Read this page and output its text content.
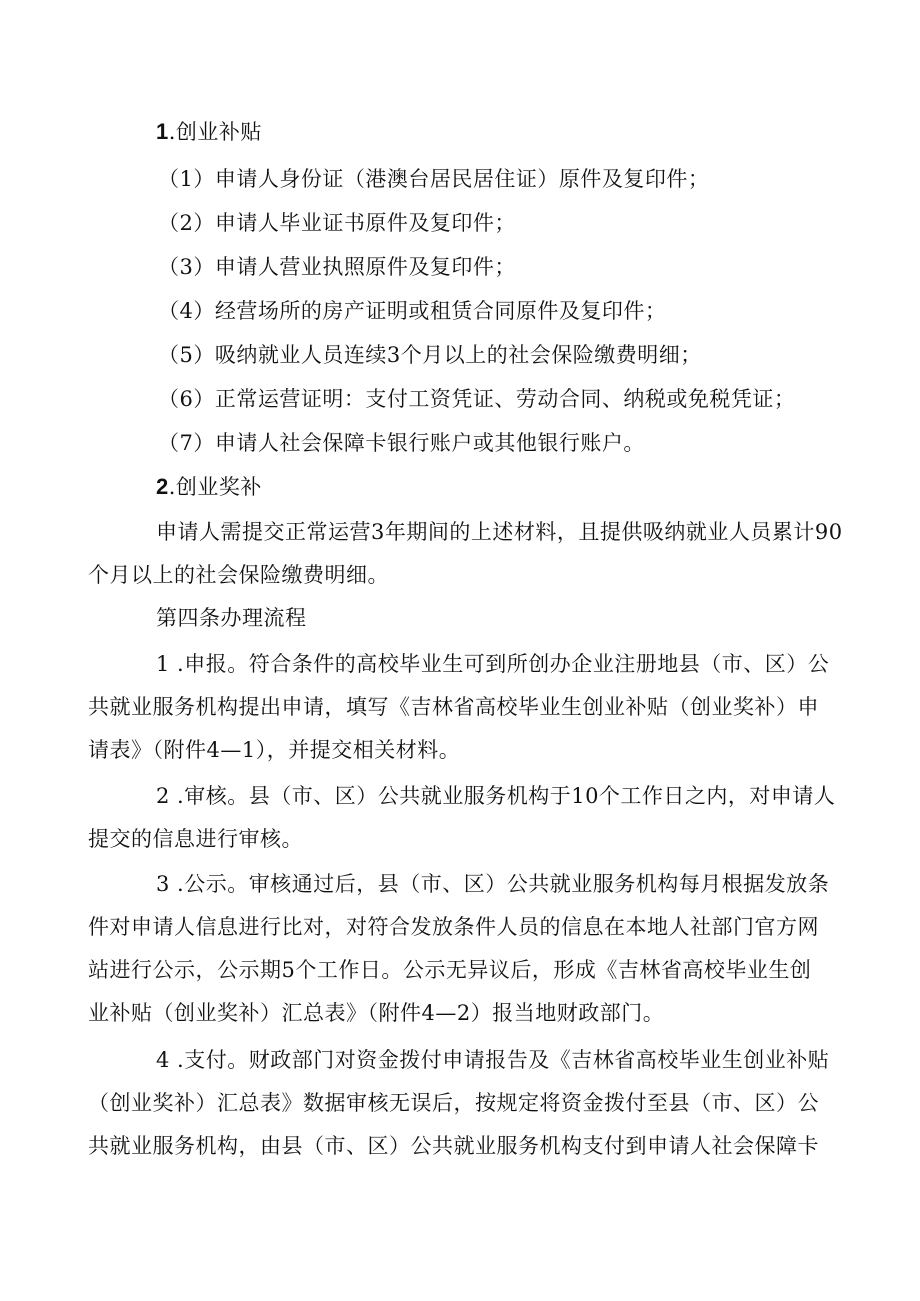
1.创业补贴
（1）申请人身份证（港澳台居民居住证）原件及复印件；
（2）申请人毕业证书原件及复印件；
（3）申请人营业执照原件及复印件；
（4）经营场所的房产证明或租赁合同原件及复印件；
（5）吸纳就业人员连续3个月以上的社会保险缴费明细；
（6）正常运营证明：支付工资凭证、劳动合同、纳税或免税凭证；
（7）申请人社会保障卡银行账户或其他银行账户。
2.创业奖补
申请人需提交正常运营3年期间的上述材料，且提供吸纳就业人员累计90
个月以上的社会保险缴费明细。
第四条办理流程
1 .申报。符合条件的高校毕业生可到所创办企业注册地县（市、区）公
共就业服务机构提出申请，填写《吉林省高校毕业生创业补贴（创业奖补）申
请表》（附件4—1），并提交相关材料。
2 .审核。县（市、区）公共就业服务机构于10个工作日之内，对申请人
提交的信息进行审核。
3 .公示。审核通过后，县（市、区）公共就业服务机构每月根据发放条
件对申请人信息进行比对，对符合发放条件人员的信息在本地人社部门官方网
站进行公示，公示期5个工作日。公示无异议后，形成《吉林省高校毕业生创
业补贴（创业奖补）汇总表》（附件4—2）报当地财政部门。
4 .支付。财政部门对资金拨付申请报告及《吉林省高校毕业生创业补贴
（创业奖补）汇总表》数据审核无误后，按规定将资金拨付至县（市、区）公
共就业服务机构，由县（市、区）公共就业服务机构支付到申请人社会保障卡
